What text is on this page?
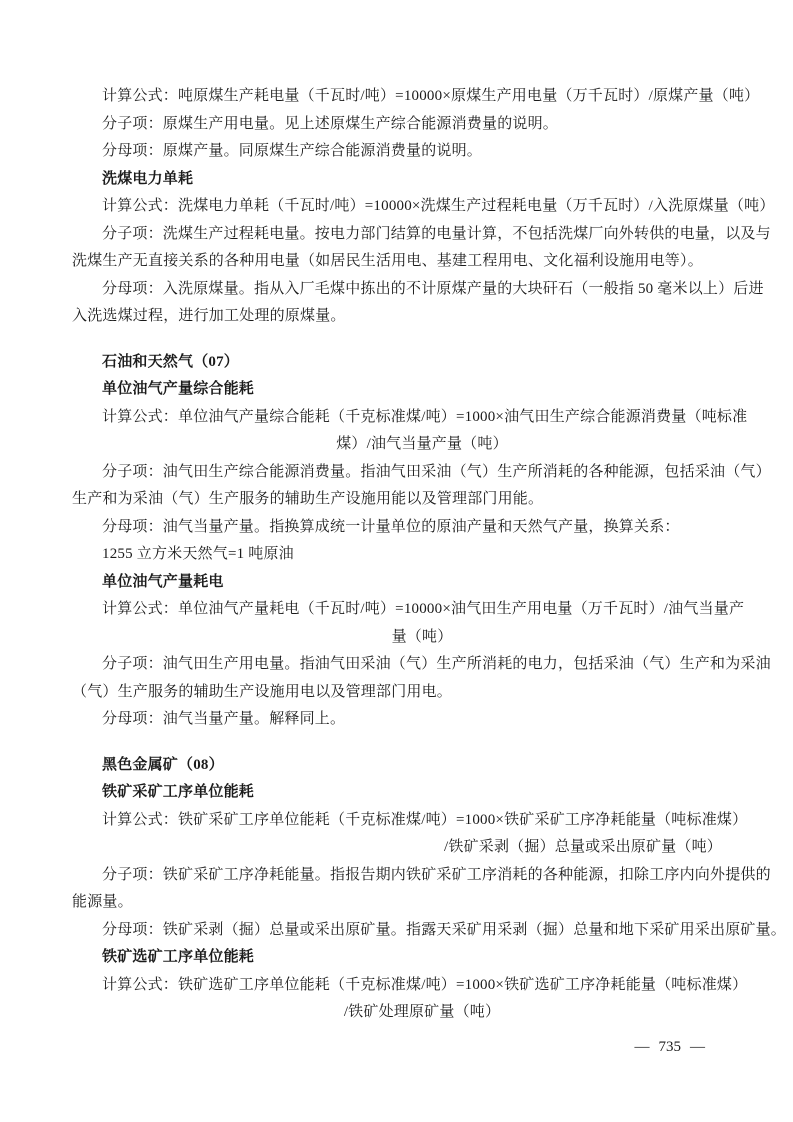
计算公式：吨原煤生产耗电量（千瓦时/吨）=10000×原煤生产用电量（万千瓦时）/原煤产量（吨）
分子项：原煤生产用电量。见上述原煤生产综合能源消费量的说明。
分母项：原煤产量。同原煤生产综合能源消费量的说明。
洗煤电力单耗
计算公式：洗煤电力单耗（千瓦时/吨）=10000×洗煤生产过程耗电量（万千瓦时）/入洗原煤量（吨）
分子项：洗煤生产过程耗电量。按电力部门结算的电量计算，不包括洗煤厂向外转供的电量，以及与
洗煤生产无直接关系的各种用电量（如居民生活用电、基建工程用电、文化福利设施用电等）。
分母项：入洗原煤量。指从入厂毛煤中拣出的不计原煤产量的大块矸石（一般指 50 毫米以上）后进
入洗选煤过程，进行加工处理的原煤量。
石油和天然气（07）
单位油气产量综合能耗
计算公式：单位油气产量综合能耗（千克标准煤/吨）=1000×油气田生产综合能源消费量（吨标准
煤）/油气当量产量（吨）
分子项：油气田生产综合能源消费量。指油气田采油（气）生产所消耗的各种能源，包括采油（气）
生产和为采油（气）生产服务的辅助生产设施用能以及管理部门用能。
分母项：油气当量产量。指换算成统一计量单位的原油产量和天然气产量，换算关系：
1255 立方米天然气=1 吨原油
单位油气产量耗电
计算公式：单位油气产量耗电（千瓦时/吨）=10000×油气田生产用电量（万千瓦时）/油气当量产
量（吨）
分子项：油气田生产用电量。指油气田采油（气）生产所消耗的电力，包括采油（气）生产和为采油
（气）生产服务的辅助生产设施用电以及管理部门用电。
分母项：油气当量产量。解释同上。
黑色金属矿（08）
铁矿采矿工序单位能耗
计算公式：铁矿采矿工序单位能耗（千克标准煤/吨）=1000×铁矿采矿工序净耗能量（吨标准煤）
/铁矿采剥（掘）总量或采出原矿量（吨）
分子项：铁矿采矿工序净耗能量。指报告期内铁矿采矿工序消耗的各种能源，扣除工序内向外提供的
能源量。
分母项：铁矿采剥（掘）总量或采出原矿量。指露天采矿用采剥（掘）总量和地下采矿用采出原矿量。
铁矿选矿工序单位能耗
计算公式：铁矿选矿工序单位能耗（千克标准煤/吨）=1000×铁矿选矿工序净耗能量（吨标准煤）
/铁矿处理原矿量（吨）
— 735 —
